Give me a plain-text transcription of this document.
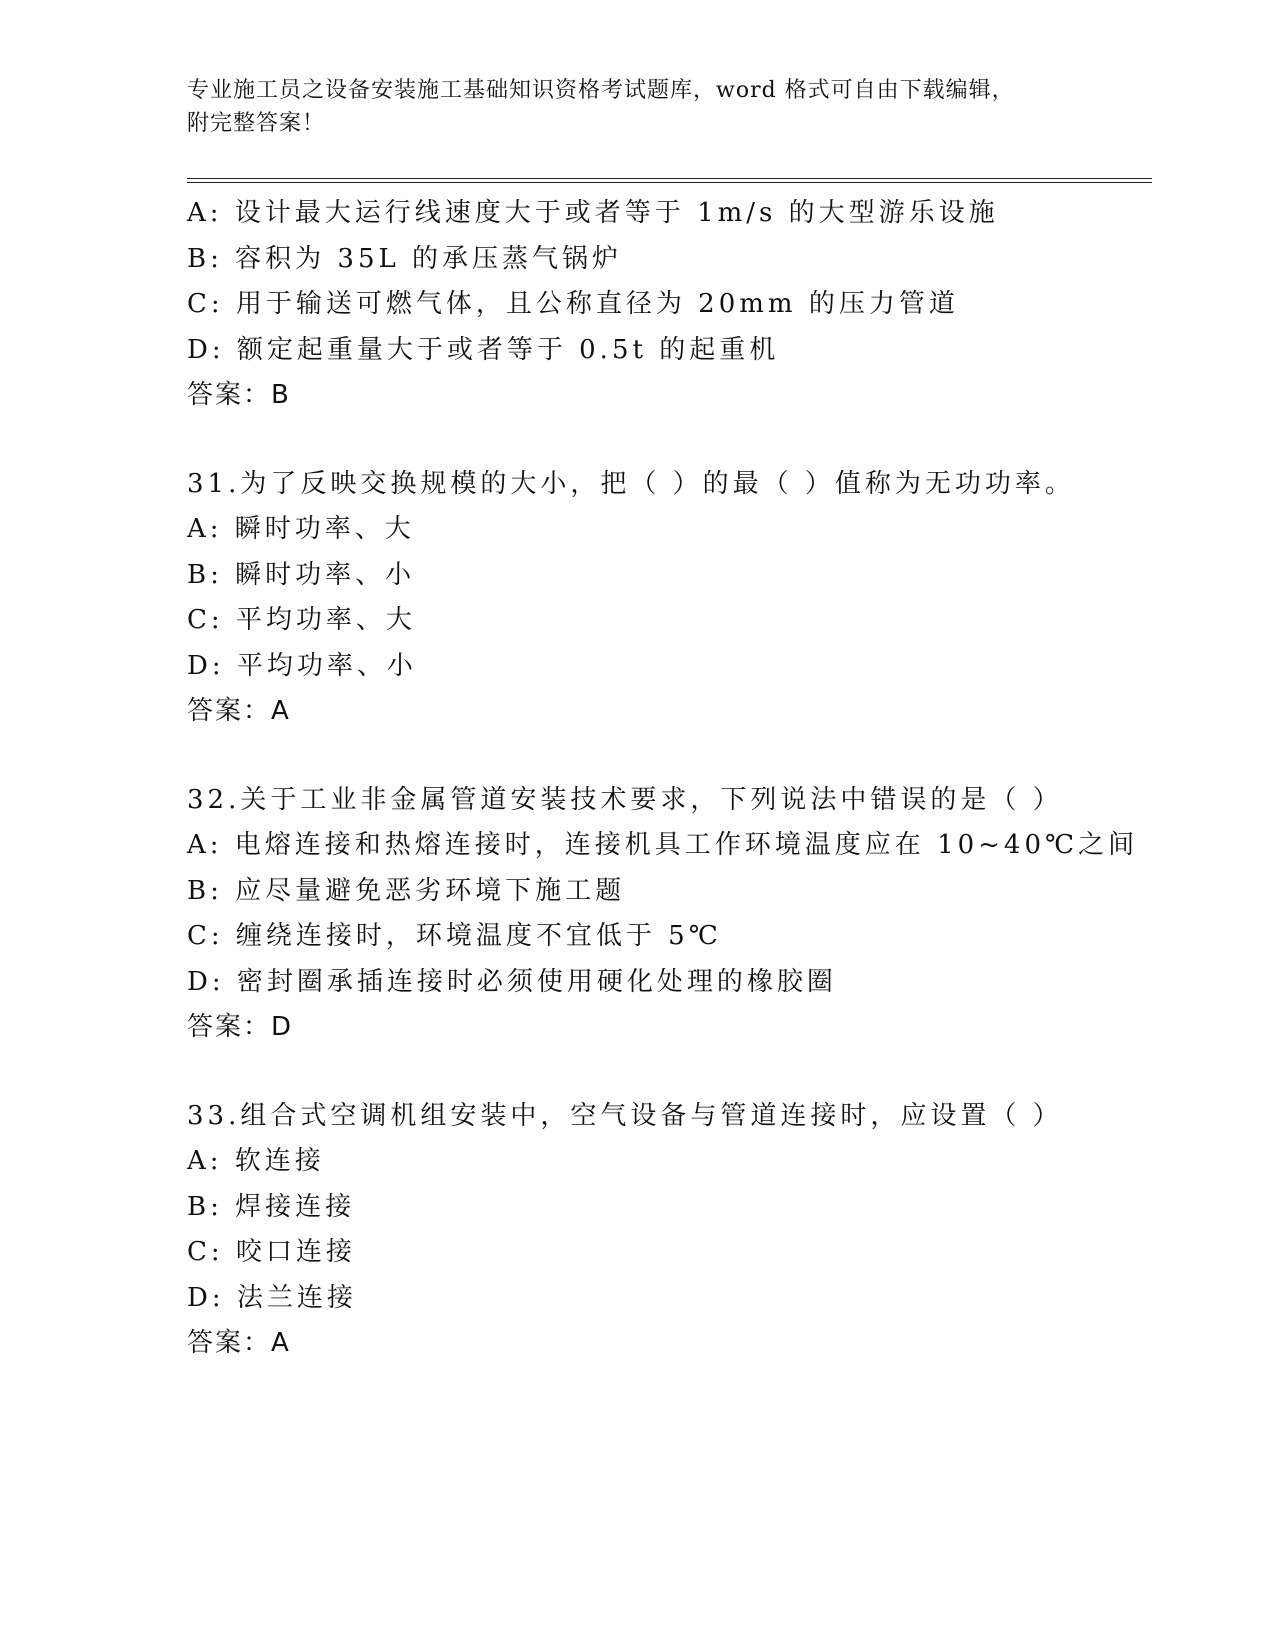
专业施工员之设备安装施工基础知识资格考试题库，word 格式可自由下载编辑，
附完整答案！
A: 设计最大运行线速度大于或者等于 1m/s 的大型游乐设施
B: 容积为 35L 的承压蒸气锅炉
C: 用于输送可燃气体，且公称直径为 20mm 的压力管道
D: 额定起重量大于或者等于 0.5t 的起重机
答案：B
31.为了反映交换规模的大小，把（ ）的最（ ）值称为无功功率。
A: 瞬时功率、大
B: 瞬时功率、小
C: 平均功率、大
D: 平均功率、小
答案：A
32.关于工业非金属管道安装技术要求，下列说法中错误的是（ ）
A: 电熔连接和热熔连接时，连接机具工作环境温度应在 10~40℃之间
B: 应尽量避免恶劣环境下施工题
C: 缠绕连接时，环境温度不宜低于 5℃
D: 密封圈承插连接时必须使用硬化处理的橡胶圈
答案：D
33.组合式空调机组安装中，空气设备与管道连接时，应设置（ ）
A: 软连接
B: 焊接连接
C: 咬口连接
D: 法兰连接
答案：A
